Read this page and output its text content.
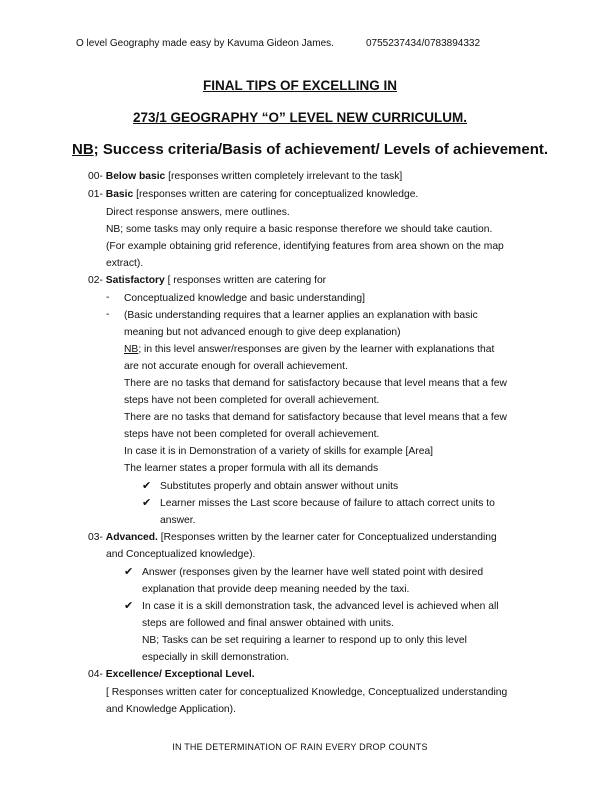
O level Geography made easy by Kavuma Gideon James.	0755237434/0783894332
FINAL TIPS OF EXCELLING IN
273/1 GEOGRAPHY “O” LEVEL NEW CURRICULUM.
NB; Success criteria/Basis of achievement/ Levels of achievement.
00- Below basic [responses written completely irrelevant to the task]
01- Basic [responses written are catering for conceptualized knowledge.
Direct response answers, mere outlines.
NB; some tasks may only require a basic response therefore we should take caution.
(For example obtaining grid reference, identifying features from area shown on the map
extract).
02- Satisfactory [ responses written are catering for
- Conceptualized knowledge and basic understanding]
- (Basic understanding requires that a learner applies an explanation with basic
meaning but not advanced enough to give deep explanation)
NB; in this level answer/responses are given by the learner with explanations that
are not accurate enough for overall achievement.
There are no tasks that demand for satisfactory because that level means that a few
steps have not been completed for overall achievement.
There are no tasks that demand for satisfactory because that level means that a few
steps have not been completed for overall achievement.
In case it is in Demonstration of a variety of skills for example [Area]
The learner states a proper formula with all its demands
✔ Substitutes properly and obtain answer without units
✔ Learner misses the Last score because of failure to attach correct units to
answer.
03- Advanced. [Responses written by the learner cater for Conceptualized understanding
and Conceptualized knowledge).
✔ Answer (responses given by the learner have well stated point with desired
explanation that provide deep meaning needed by the taxi.
✔ In case it is a skill demonstration task, the advanced level is achieved when all
steps are followed and final answer obtained with units.
NB; Tasks can be set requiring a learner to respond up to only this level
especially in skill demonstration.
04- Excellence/ Exceptional Level.
[ Responses written cater for conceptualized Knowledge, Conceptualized understanding
and Knowledge Application).
IN THE DETERMINATION OF RAIN EVERY DROP COUNTS
